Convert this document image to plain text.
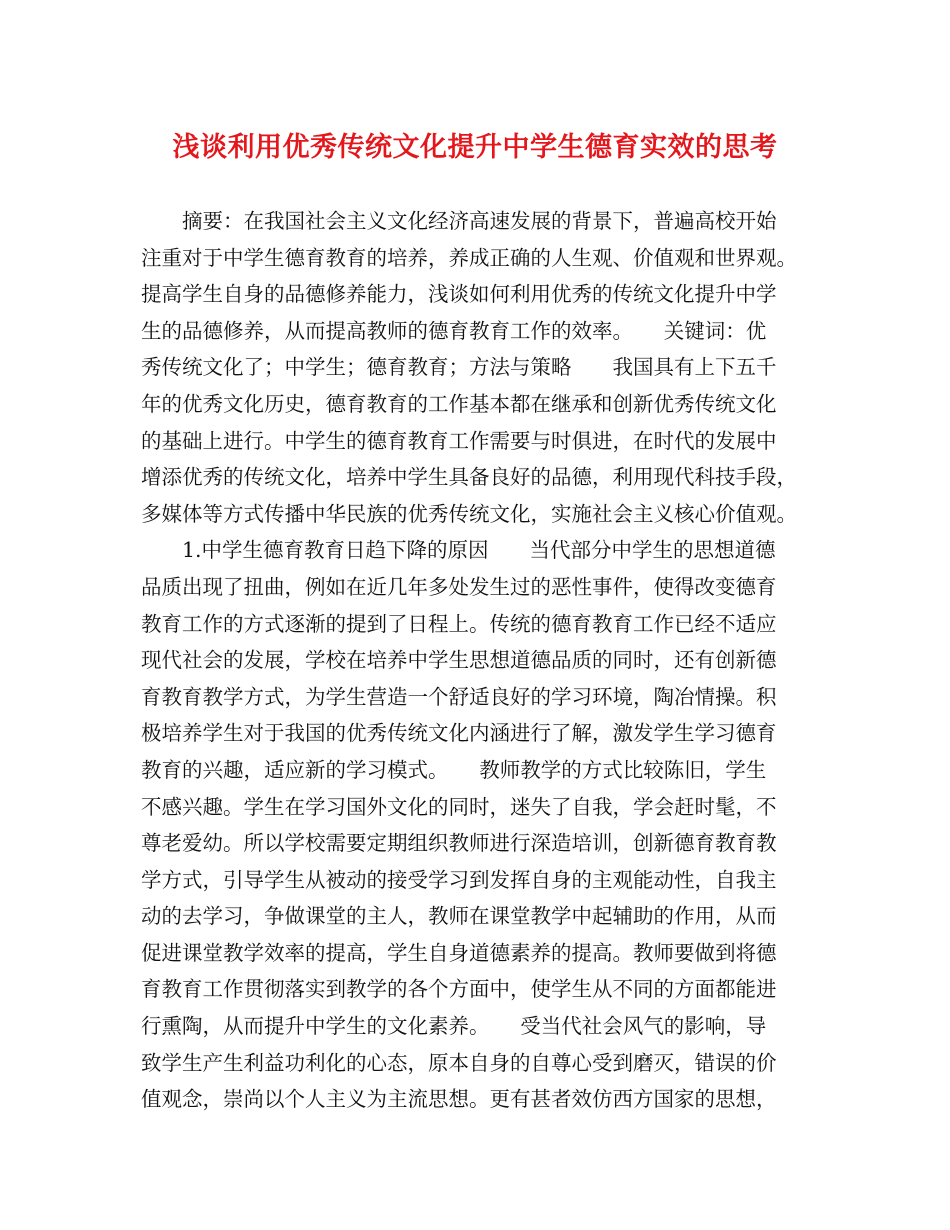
浅谈利用优秀传统文化提升中学生德育实效的思考
摘要：在我国社会主义文化经济高速发展的背景下，普遍高校开始
注重对于中学生德育教育的培养，养成正确的人生观、价值观和世界观。
提高学生自身的品德修养能力，浅谈如何利用优秀的传统文化提升中学
生的品德修养，从而提高教师的德育教育工作的效率。　　关键词：优
秀传统文化了；中学生；德育教育；方法与策略　　我国具有上下五千
年的优秀文化历史，德育教育的工作基本都在继承和创新优秀传统文化
的基础上进行。中学生的德育教育工作需要与时俱进，在时代的发展中
增添优秀的传统文化，培养中学生具备良好的品德，利用现代科技手段，
多媒体等方式传播中华民族的优秀传统文化，实施社会主义核心价值观。
1.中学生德育教育日趋下降的原因　　当代部分中学生的思想道德
品质出现了扭曲，例如在近几年多处发生过的恶性事件，使得改变德育
教育工作的方式逐渐的提到了日程上。传统的德育教育工作已经不适应
现代社会的发展，学校在培养中学生思想道德品质的同时，还有创新德
育教育教学方式，为学生营造一个舒适良好的学习环境，陶冶情操。积
极培养学生对于我国的优秀传统文化内涵进行了解，激发学生学习德育
教育的兴趣，适应新的学习模式。　　教师教学的方式比较陈旧，学生
不感兴趣。学生在学习国外文化的同时，迷失了自我，学会赶时髦，不
尊老爱幼。所以学校需要定期组织教师进行深造培训，创新德育教育教
学方式，引导学生从被动的接受学习到发挥自身的主观能动性，自我主
动的去学习，争做课堂的主人，教师在课堂教学中起辅助的作用，从而
促进课堂教学效率的提高，学生自身道德素养的提高。教师要做到将德
育教育工作贯彻落实到教学的各个方面中，使学生从不同的方面都能进
行熏陶，从而提升中学生的文化素养。　　受当代社会风气的影响，导
致学生产生利益功利化的心态，原本自身的自尊心受到磨灭，错误的价
值观念，崇尚以个人主义为主流思想。更有甚者效仿西方国家的思想，
